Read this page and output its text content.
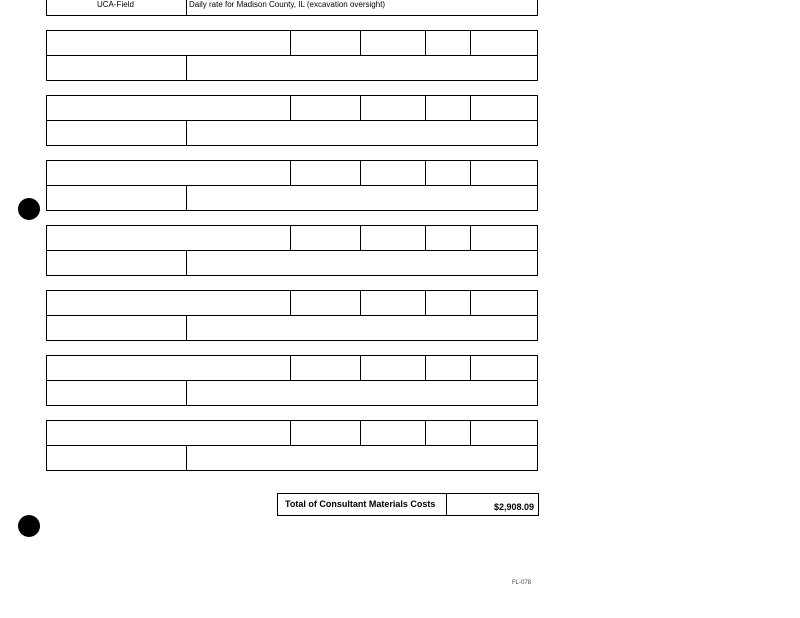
UCA-Field	Daily rate for Madison County, IL (excavation oversight)
Total of Consultant Materials Costs	$2,908.09
FL-078
